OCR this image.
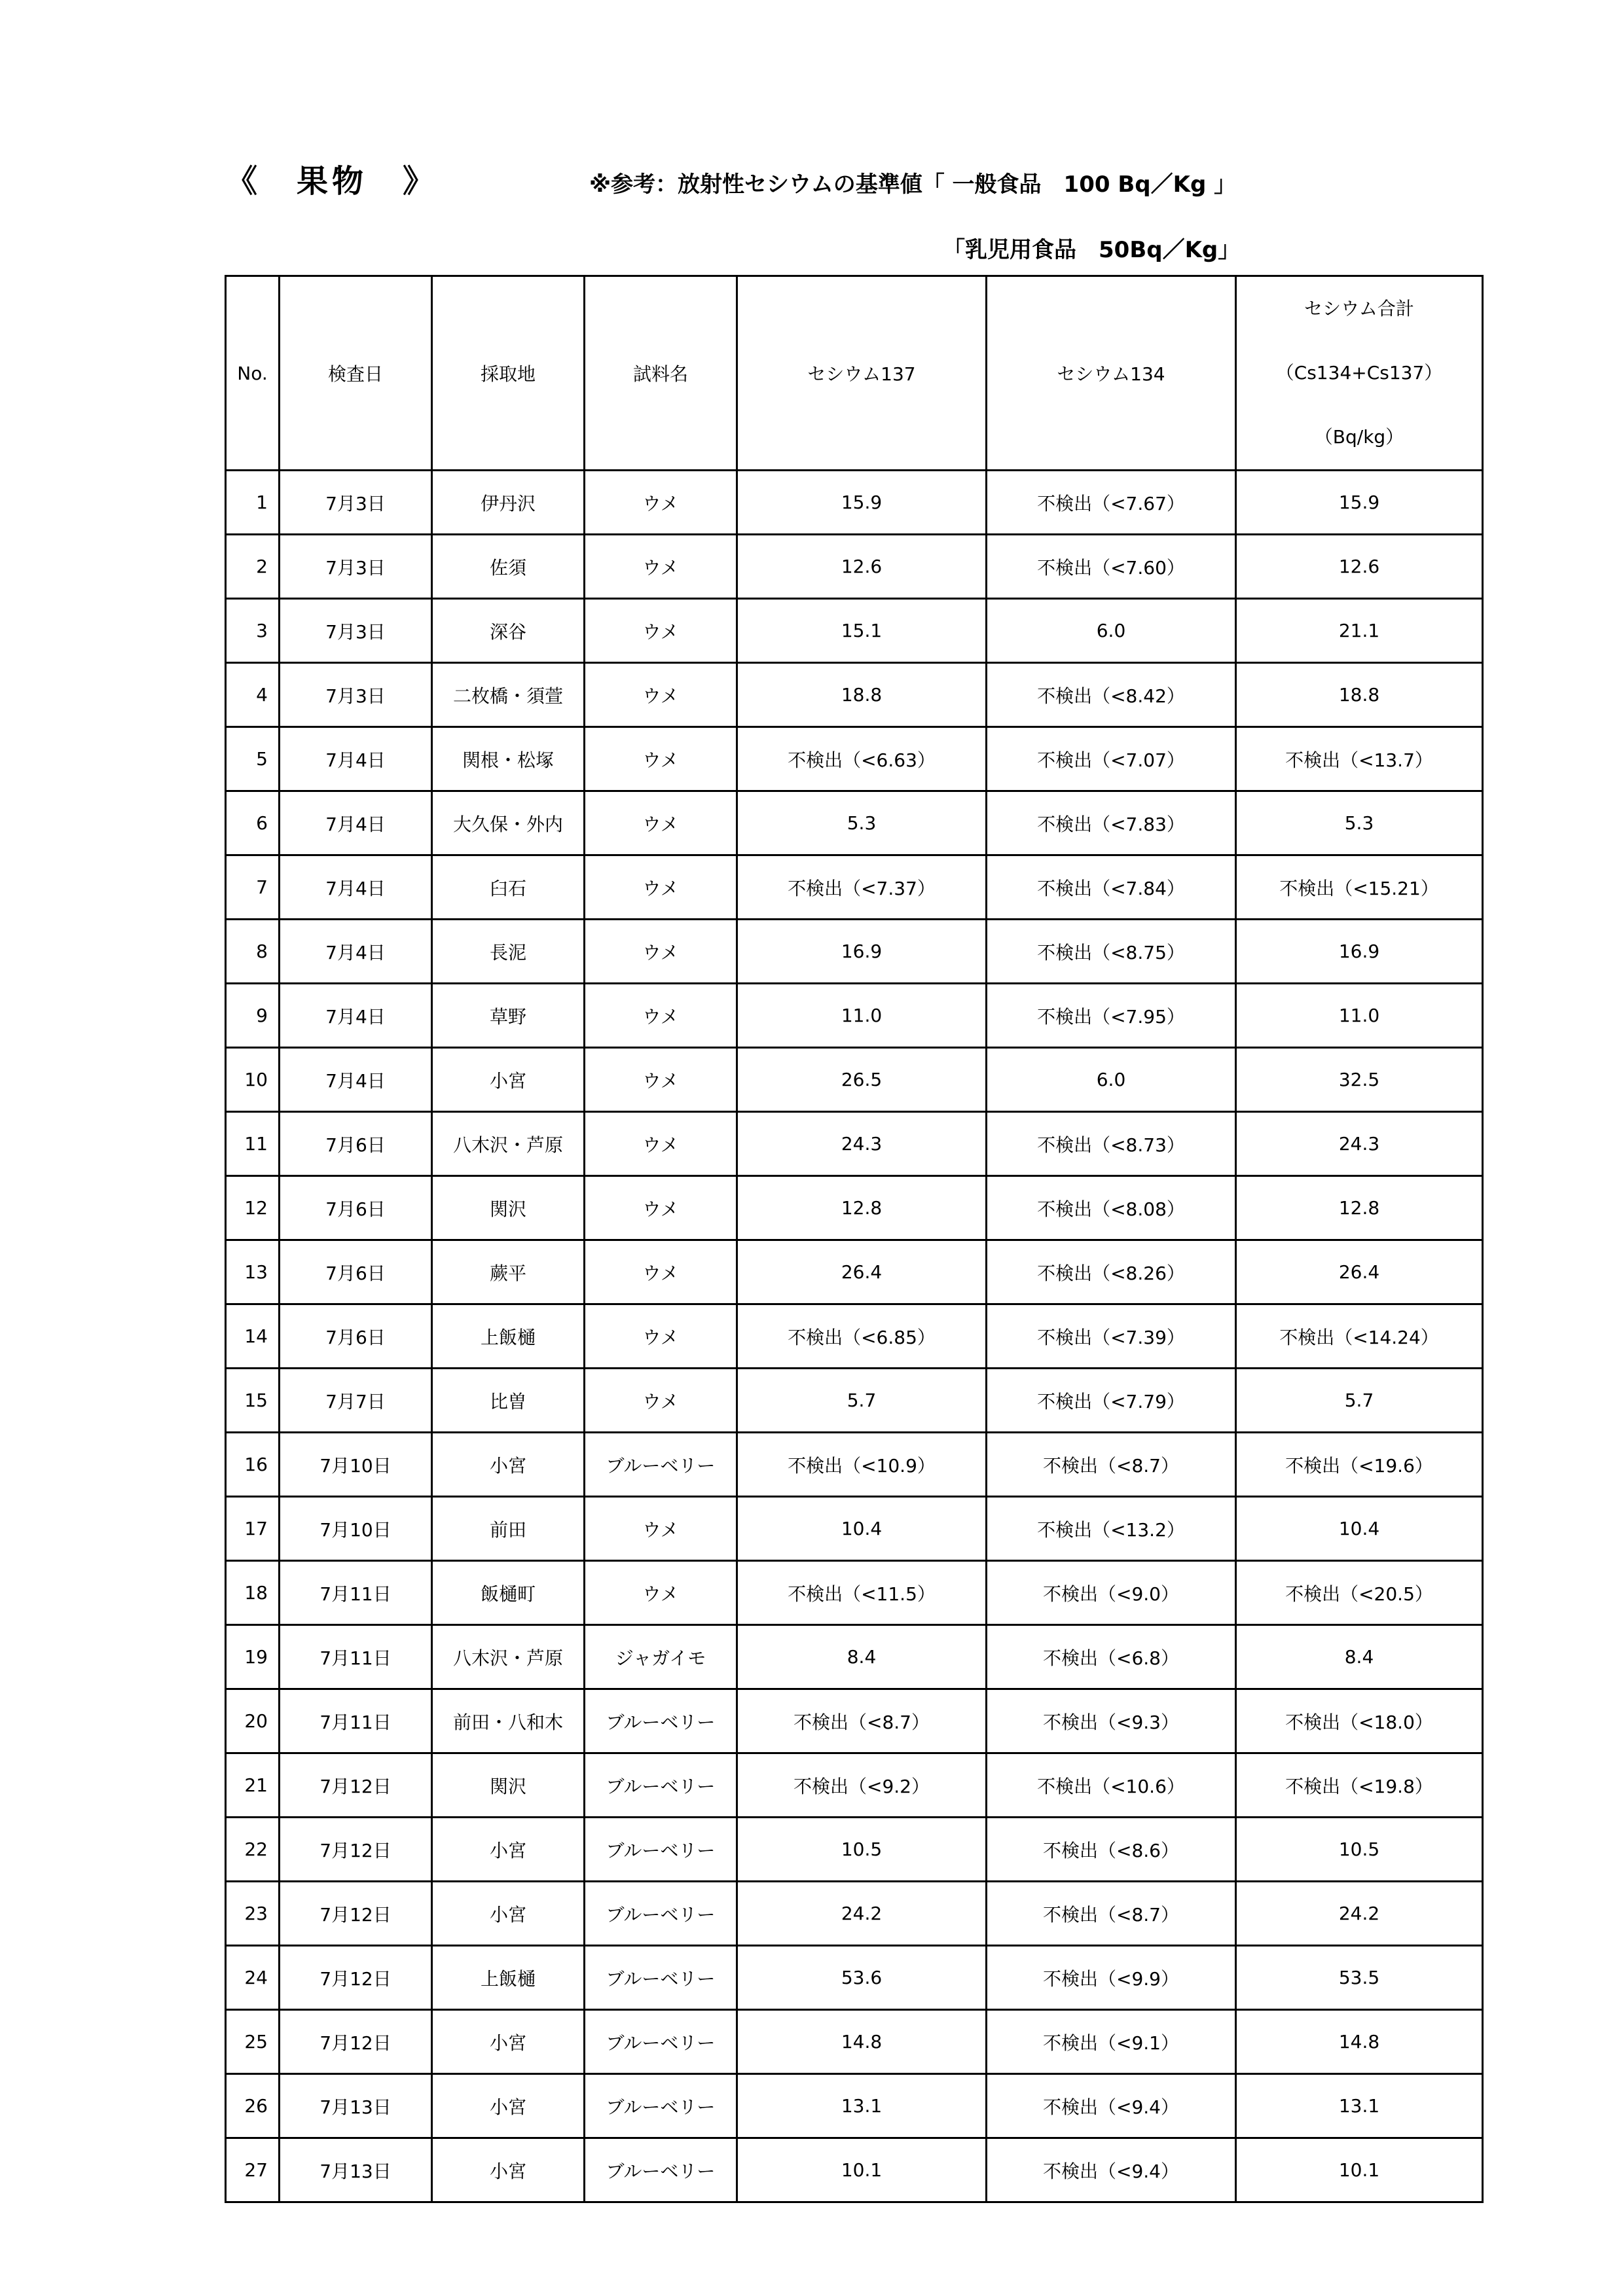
《　果物　》	※参考：放射性セシウムの基準値「 一般食品　100 Bq／Kg 」
「乳児用食品　50Bq／Kg」
No.	検査日	採取地	試料名	セシウム137	セシウム134	セシウム合計
（Cs134+Cs137）
（Bq/kg）

1	7月3日	伊丹沢	ウメ	15.9	不検出（<7.67）	15.9
2	7月3日	佐須	ウメ	12.6	不検出（<7.60）	12.6
3	7月3日	深谷	ウメ	15.1	6.0	21.1
4	7月3日	二枚橋・須萱	ウメ	18.8	不検出（<8.42）	18.8
5	7月4日	関根・松塚	ウメ	不検出（<6.63）	不検出（<7.07）	不検出（<13.7）
6	7月4日	大久保・外内	ウメ	5.3	不検出（<7.83）	5.3
7	7月4日	臼石	ウメ	不検出（<7.37）	不検出（<7.84）	不検出（<15.21）
8	7月4日	長泥	ウメ	16.9	不検出（<8.75）	16.9
9	7月4日	草野	ウメ	11.0	不検出（<7.95）	11.0
10	7月4日	小宮	ウメ	26.5	6.0	32.5
11	7月6日	八木沢・芦原	ウメ	24.3	不検出（<8.73）	24.3
12	7月6日	関沢	ウメ	12.8	不検出（<8.08）	12.8
13	7月6日	蕨平	ウメ	26.4	不検出（<8.26）	26.4
14	7月6日	上飯樋	ウメ	不検出（<6.85）	不検出（<7.39）	不検出（<14.24）
15	7月7日	比曽	ウメ	5.7	不検出（<7.79）	5.7
16	7月10日	小宮	ブルーベリー	不検出（<10.9）	不検出（<8.7）	不検出（<19.6）
17	7月10日	前田	ウメ	10.4	不検出（<13.2）	10.4
18	7月11日	飯樋町	ウメ	不検出（<11.5）	不検出（<9.0）	不検出（<20.5）
19	7月11日	八木沢・芦原	ジャガイモ	8.4	不検出（<6.8）	8.4
20	7月11日	前田・八和木	ブルーベリー	不検出（<8.7）	不検出（<9.3）	不検出（<18.0）
21	7月12日	関沢	ブルーベリー	不検出（<9.2）	不検出（<10.6）	不検出（<19.8）
22	7月12日	小宮	ブルーベリー	10.5	不検出（<8.6）	10.5
23	7月12日	小宮	ブルーベリー	24.2	不検出（<8.7）	24.2
24	7月12日	上飯樋	ブルーベリー	53.6	不検出（<9.9）	53.5
25	7月12日	小宮	ブルーベリー	14.8	不検出（<9.1）	14.8
26	7月13日	小宮	ブルーベリー	13.1	不検出（<9.4）	13.1
27	7月13日	小宮	ブルーベリー	10.1	不検出（<9.4）	10.1
